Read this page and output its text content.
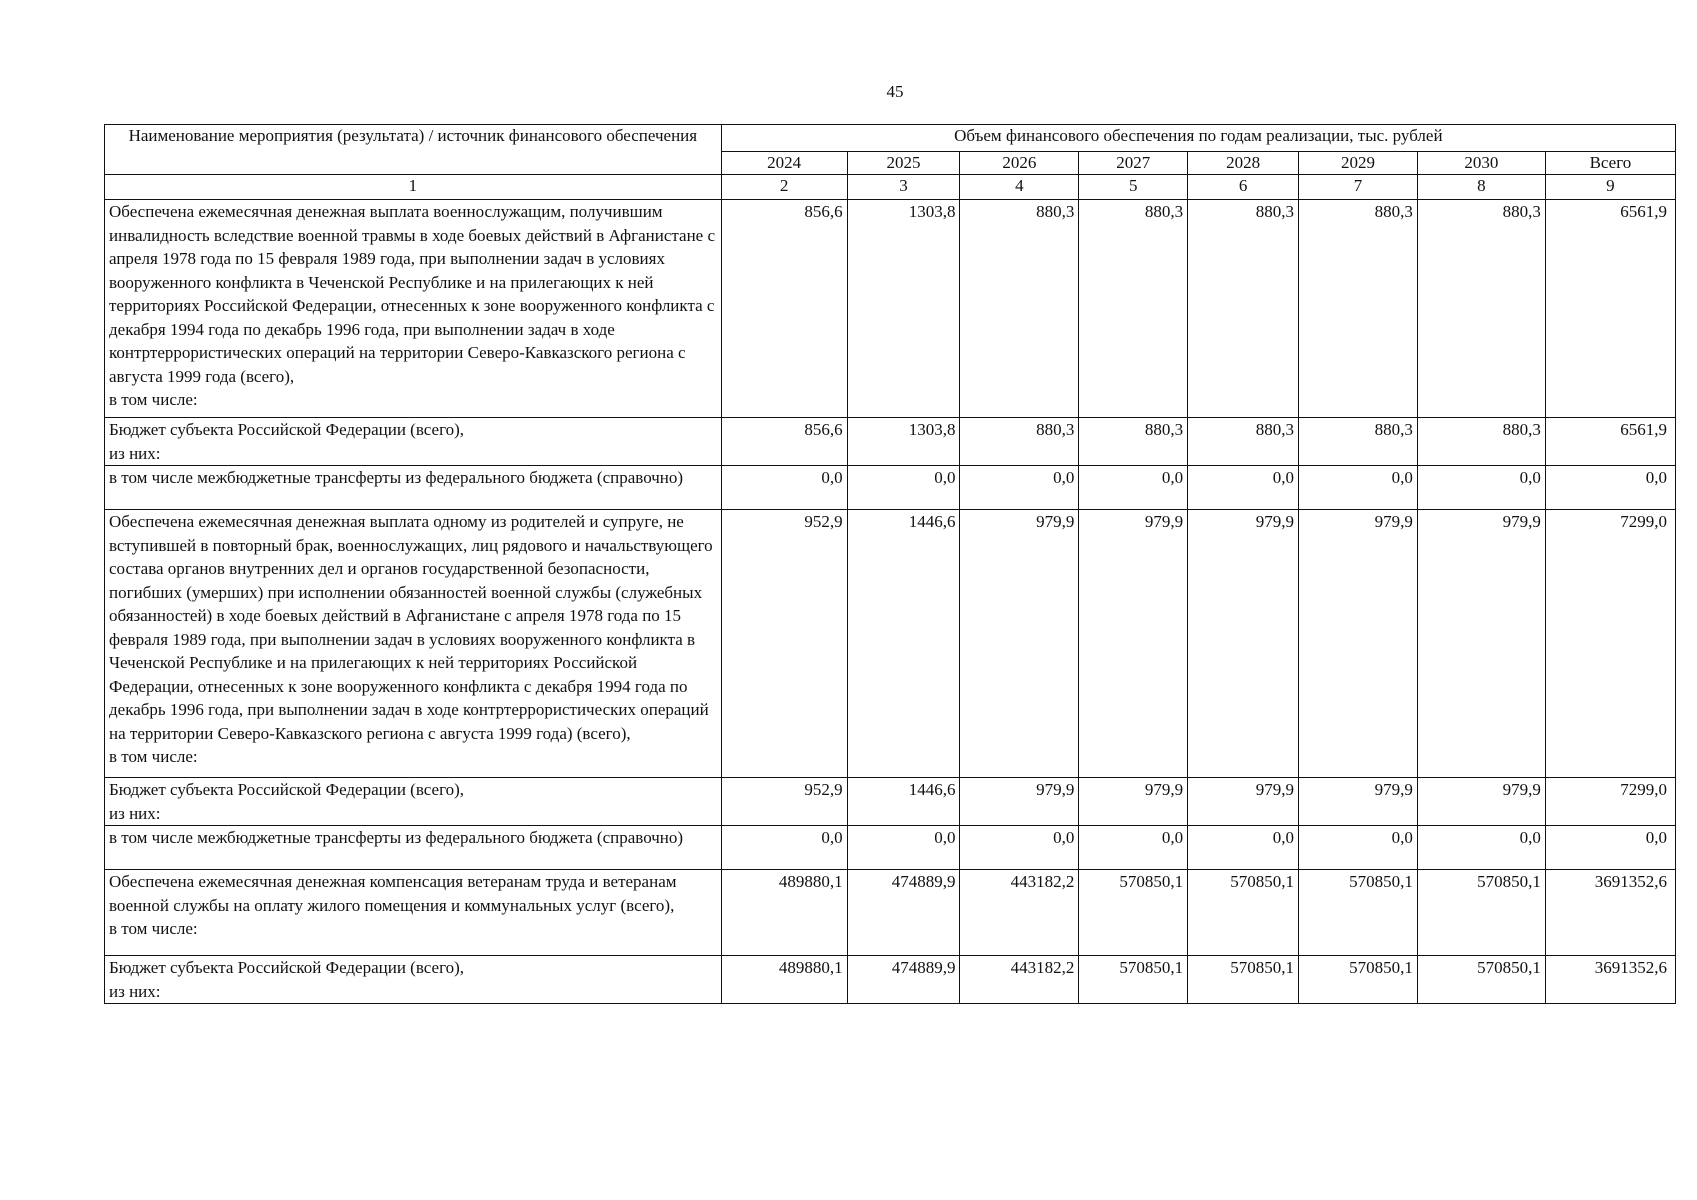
45
Наименование мероприятия (результата) / источник финансового обеспечения	Объем финансового обеспечения по годам реализации, тыс. рублей							
	2024	2025	2026	2027	2028	2029	2030	Всего
1	2	3	4	5	6	7	8	9
Обеспечена ежемесячная денежная выплата военнослужащим, получившим инвалидность вследствие военной травмы в ходе боевых действий в Афганистане с апреля 1978 года по 15 февраля 1989 года, при выполнении задач в условиях вооруженного конфликта в Чеченской Республике и на прилегающих к ней территориях Российской Федерации, отнесенных к зоне вооруженного конфликта с декабря 1994 года по декабрь 1996 года, при выполнении задач в ходе контртеррористических операций на территории Северо-Кавказского региона с августа 1999 года (всего),
в том числе:	856,6	1303,8	880,3	880,3	880,3	880,3	880,3	6561,9
Бюджет субъекта Российской Федерации (всего),
из них:	856,6	1303,8	880,3	880,3	880,3	880,3	880,3	6561,9
в том числе межбюджетные трансферты из федерального бюджета (справочно)	0,0	0,0	0,0	0,0	0,0	0,0	0,0	0,0
Обеспечена ежемесячная денежная выплата одному из родителей и супруге, не вступившей в повторный брак, военнослужащих, лиц рядового и начальствующего состава органов внутренних дел и органов государственной безопасности, погибших (умерших) при исполнении обязанностей военной службы (служебных обязанностей) в ходе боевых действий в Афганистане с апреля 1978 года по 15 февраля 1989 года, при выполнении задач в условиях вооруженного конфликта в Чеченской Республике и на прилегающих к ней территориях Российской Федерации, отнесенных к зоне вооруженного конфликта с декабря 1994 года по декабрь 1996 года, при выполнении задач в ходе контртеррористических операций на территории Северо-Кавказского региона с августа 1999 года) (всего),
в том числе:	952,9	1446,6	979,9	979,9	979,9	979,9	979,9	7299,0
Бюджет субъекта Российской Федерации (всего),
из них:	952,9	1446,6	979,9	979,9	979,9	979,9	979,9	7299,0
в том числе межбюджетные трансферты из федерального бюджета (справочно)	0,0	0,0	0,0	0,0	0,0	0,0	0,0	0,0
Обеспечена ежемесячная денежная компенсация ветеранам труда и ветеранам военной службы на оплату жилого помещения и коммунальных услуг (всего),
в том числе:	489880,1	474889,9	443182,2	570850,1	570850,1	570850,1	570850,1	3691352,6
Бюджет субъекта Российской Федерации (всего),
из них:	489880,1	474889,9	443182,2	570850,1	570850,1	570850,1	570850,1	3691352,6
